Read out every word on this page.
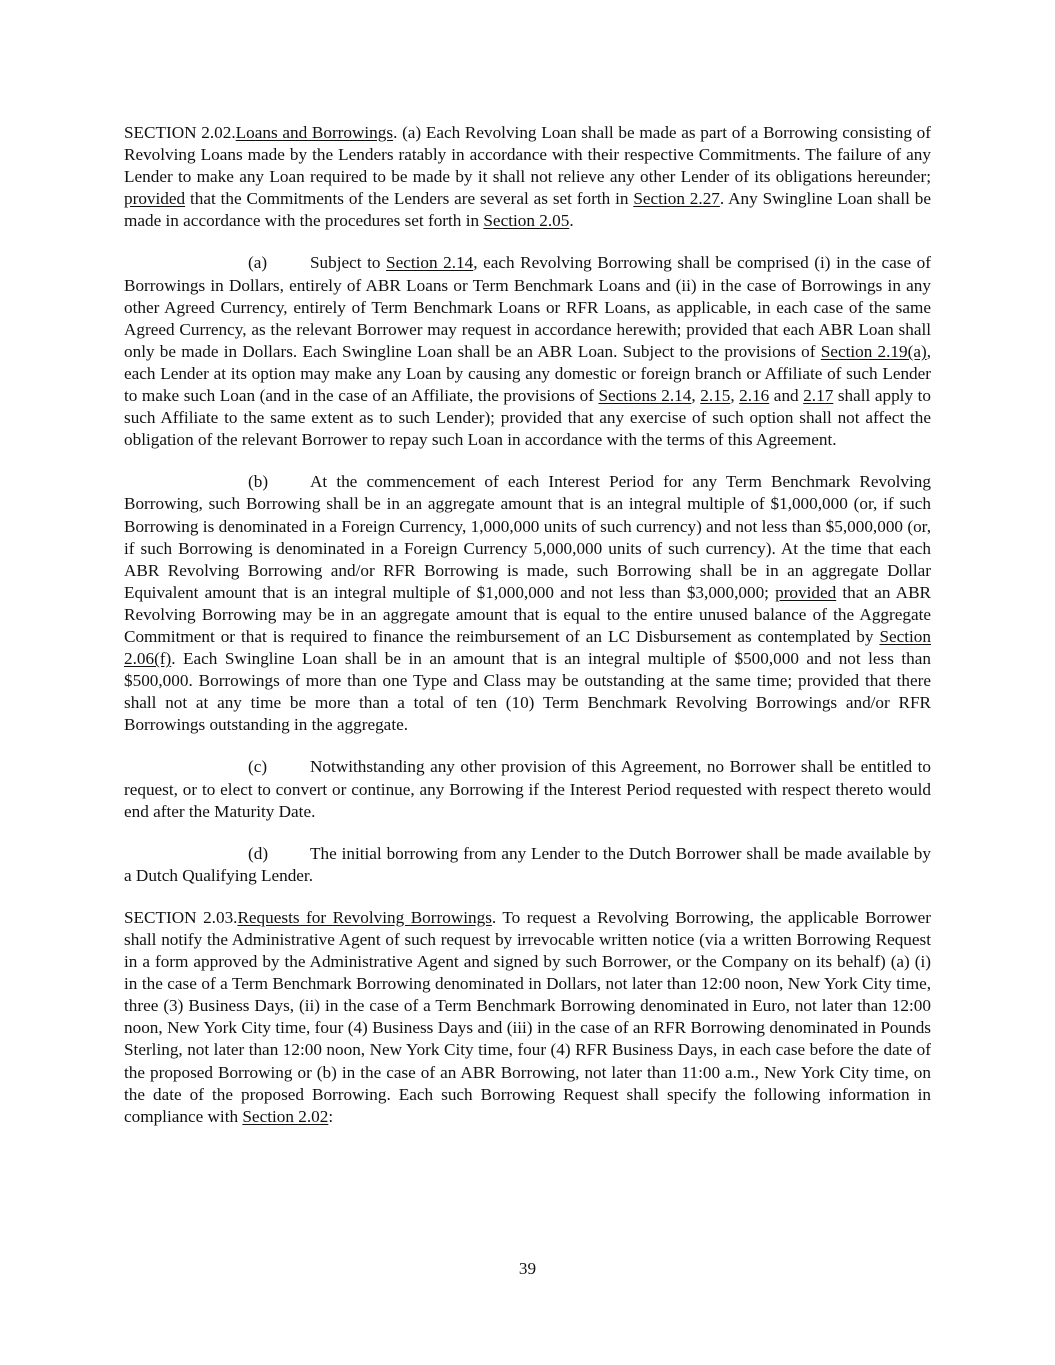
SECTION 2.02.Loans and Borrowings. (a) Each Revolving Loan shall be made as part of a Borrowing consisting of Revolving Loans made by the Lenders ratably in accordance with their respective Commitments. The failure of any Lender to make any Loan required to be made by it shall not relieve any other Lender of its obligations hereunder; provided that the Commitments of the Lenders are several as set forth in Section 2.27. Any Swingline Loan shall be made in accordance with the procedures set forth in Section 2.05.

(a) Subject to Section 2.14, each Revolving Borrowing shall be comprised (i) in the case of Borrowings in Dollars, entirely of ABR Loans or Term Benchmark Loans and (ii) in the case of Borrowings in any other Agreed Currency, entirely of Term Benchmark Loans or RFR Loans, as applicable, in each case of the same Agreed Currency, as the relevant Borrower may request in accordance herewith; provided that each ABR Loan shall only be made in Dollars. Each Swingline Loan shall be an ABR Loan. Subject to the provisions of Section 2.19(a), each Lender at its option may make any Loan by causing any domestic or foreign branch or Affiliate of such Lender to make such Loan (and in the case of an Affiliate, the provisions of Sections 2.14, 2.15, 2.16 and 2.17 shall apply to such Affiliate to the same extent as to such Lender); provided that any exercise of such option shall not affect the obligation of the relevant Borrower to repay such Loan in accordance with the terms of this Agreement.

(b) At the commencement of each Interest Period for any Term Benchmark Revolving Borrowing, such Borrowing shall be in an aggregate amount that is an integral multiple of $1,000,000 (or, if such Borrowing is denominated in a Foreign Currency, 1,000,000 units of such currency) and not less than $5,000,000 (or, if such Borrowing is denominated in a Foreign Currency 5,000,000 units of such currency). At the time that each ABR Revolving Borrowing and/or RFR Borrowing is made, such Borrowing shall be in an aggregate Dollar Equivalent amount that is an integral multiple of $1,000,000 and not less than $3,000,000; provided that an ABR Revolving Borrowing may be in an aggregate amount that is equal to the entire unused balance of the Aggregate Commitment or that is required to finance the reimbursement of an LC Disbursement as contemplated by Section 2.06(f). Each Swingline Loan shall be in an amount that is an integral multiple of $500,000 and not less than $500,000. Borrowings of more than one Type and Class may be outstanding at the same time; provided that there shall not at any time be more than a total of ten (10) Term Benchmark Revolving Borrowings and/or RFR Borrowings outstanding in the aggregate.

(c) Notwithstanding any other provision of this Agreement, no Borrower shall be entitled to request, or to elect to convert or continue, any Borrowing if the Interest Period requested with respect thereto would end after the Maturity Date.

(d) The initial borrowing from any Lender to the Dutch Borrower shall be made available by a Dutch Qualifying Lender.

SECTION 2.03.Requests for Revolving Borrowings. To request a Revolving Borrowing, the applicable Borrower shall notify the Administrative Agent of such request by irrevocable written notice (via a written Borrowing Request in a form approved by the Administrative Agent and signed by such Borrower, or the Company on its behalf) (a) (i) in the case of a Term Benchmark Borrowing denominated in Dollars, not later than 12:00 noon, New York City time, three (3) Business Days, (ii) in the case of a Term Benchmark Borrowing denominated in Euro, not later than 12:00 noon, New York City time, four (4) Business Days and (iii) in the case of an RFR Borrowing denominated in Pounds Sterling, not later than 12:00 noon, New York City time, four (4) RFR Business Days, in each case before the date of the proposed Borrowing or (b) in the case of an ABR Borrowing, not later than 11:00 a.m., New York City time, on the date of the proposed Borrowing. Each such Borrowing Request shall specify the following information in compliance with Section 2.02:

39
